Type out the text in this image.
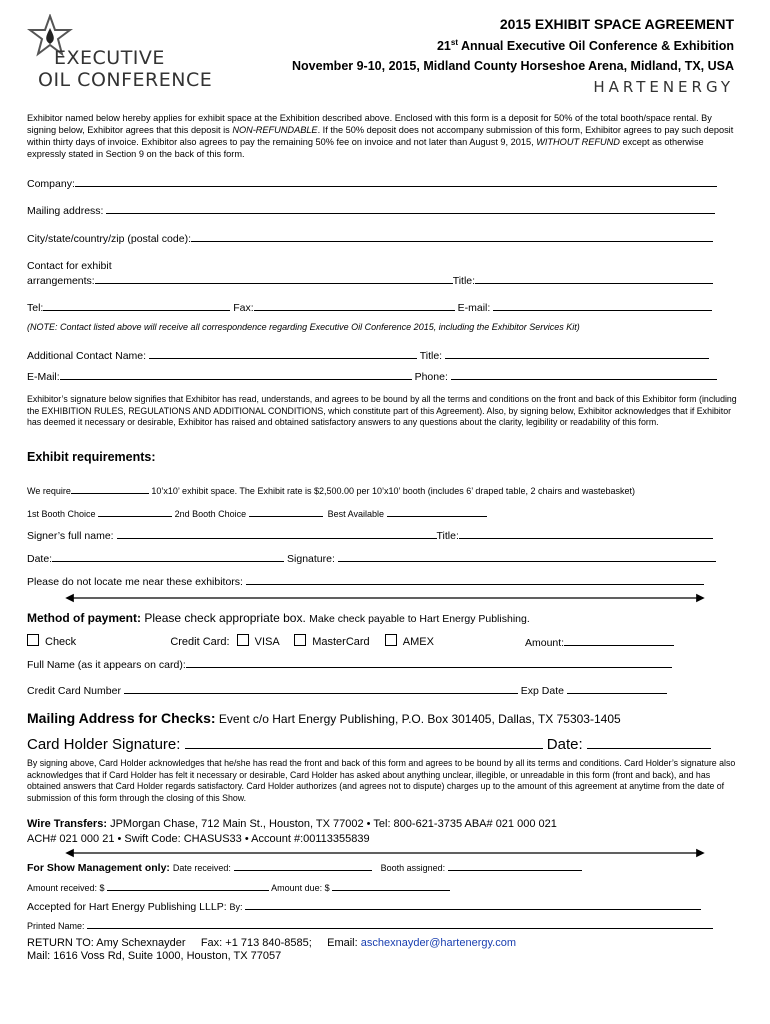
EXECUTIVE
OIL CONFERENCE
2015 EXHIBIT SPACE AGREEMENT
21st Annual Executive Oil Conference & Exhibition
November 9-10, 2015, Midland County Horseshoe Arena, Midland, TX, USA
HARTENERGY
Exhibitor named below hereby applies for exhibit space at the Exhibition described above. Enclosed with this form is a deposit for 50% of the total booth/space rental. By signing below, Exhibitor agrees that this deposit is NON-REFUNDABLE. If the 50% deposit does not accompany submission of this form, Exhibitor agrees to pay such deposit within thirty days of invoice. Exhibitor also agrees to pay the remaining 50% fee on invoice and not later than August 9, 2015, WITHOUT REFUND except as otherwise expressly stated in Section 9 on the back of this form.
Company:
Mailing address:
City/state/country/zip (postal code):
Contact for exhibit
arrangements:	Title:
Tel:	Fax:	E-mail:
(NOTE: Contact listed above will receive all correspondence regarding Executive Oil Conference 2015, including the Exhibitor Services Kit)
Additional Contact Name:	Title:
E-Mail:	Phone:
Exhibitor’s signature below signifies that Exhibitor has read, understands, and agrees to be bound by all the terms and conditions on the front and back of this Exhibitor form (including the EXHIBITION RULES, REGULATIONS AND ADDITIONAL CONDITIONS, which constitute part of this Agreement). Also, by signing below, Exhibitor acknowledges that if Exhibitor has deemed it necessary or desirable, Exhibitor has raised and obtained satisfactory answers to any questions about the clarity, legibility or readability of this form.
Exhibit requirements:
We require	10’x10’ exhibit space. The Exhibit rate is $2,500.00 per 10’x10’ booth (includes 6’ draped table, 2 chairs and wastebasket)
1st Booth Choice	2nd Booth Choice	Best Available
Signer’s full name:	Title:
Date:	Signature:
Please do not locate me near these exhibitors:
Method of payment: Please check appropriate box. Make check payable to Hart Energy Publishing.
Check	Credit Card: VISA	MasterCard	AMEX	Amount:
Full Name (as it appears on card):
Credit Card Number	Exp Date
Mailing Address for Checks: Event c/o Hart Energy Publishing, P.O. Box 301405, Dallas, TX 75303-1405
Card Holder Signature:	Date:
By signing above, Card Holder acknowledges that he/she has read the front and back of this form and agrees to be bound by all its terms and conditions. Card Holder’s signature also acknowledges that if Card Holder has felt it necessary or desirable, Card Holder has asked about anything unclear, illegible, or unreadable in this form (front and back), and has obtained answers that Card Holder regards satisfactory. Card Holder authorizes (and agrees not to dispute) charges up to the amount of this agreement at anytime from the date of submission of this form through the closing of this Show.
Wire Transfers: JPMorgan Chase, 712 Main St., Houston, TX 77002 • Tel: 800-621-3735 ABA# 021 000 021
ACH# 021 000 21 • Swift Code: CHASUS33 • Account #:00113355839
For Show Management only: Date received:	Booth assigned:
Amount received: $	Amount due: $
Accepted for Hart Energy Publishing LLLP: By:
Printed Name:
RETURN TO: Amy Schexnayder Fax: +1 713 840-8585; Email: aschexnayder@hartenergy.com
Mail: 1616 Voss Rd, Suite 1000, Houston, TX 77057
